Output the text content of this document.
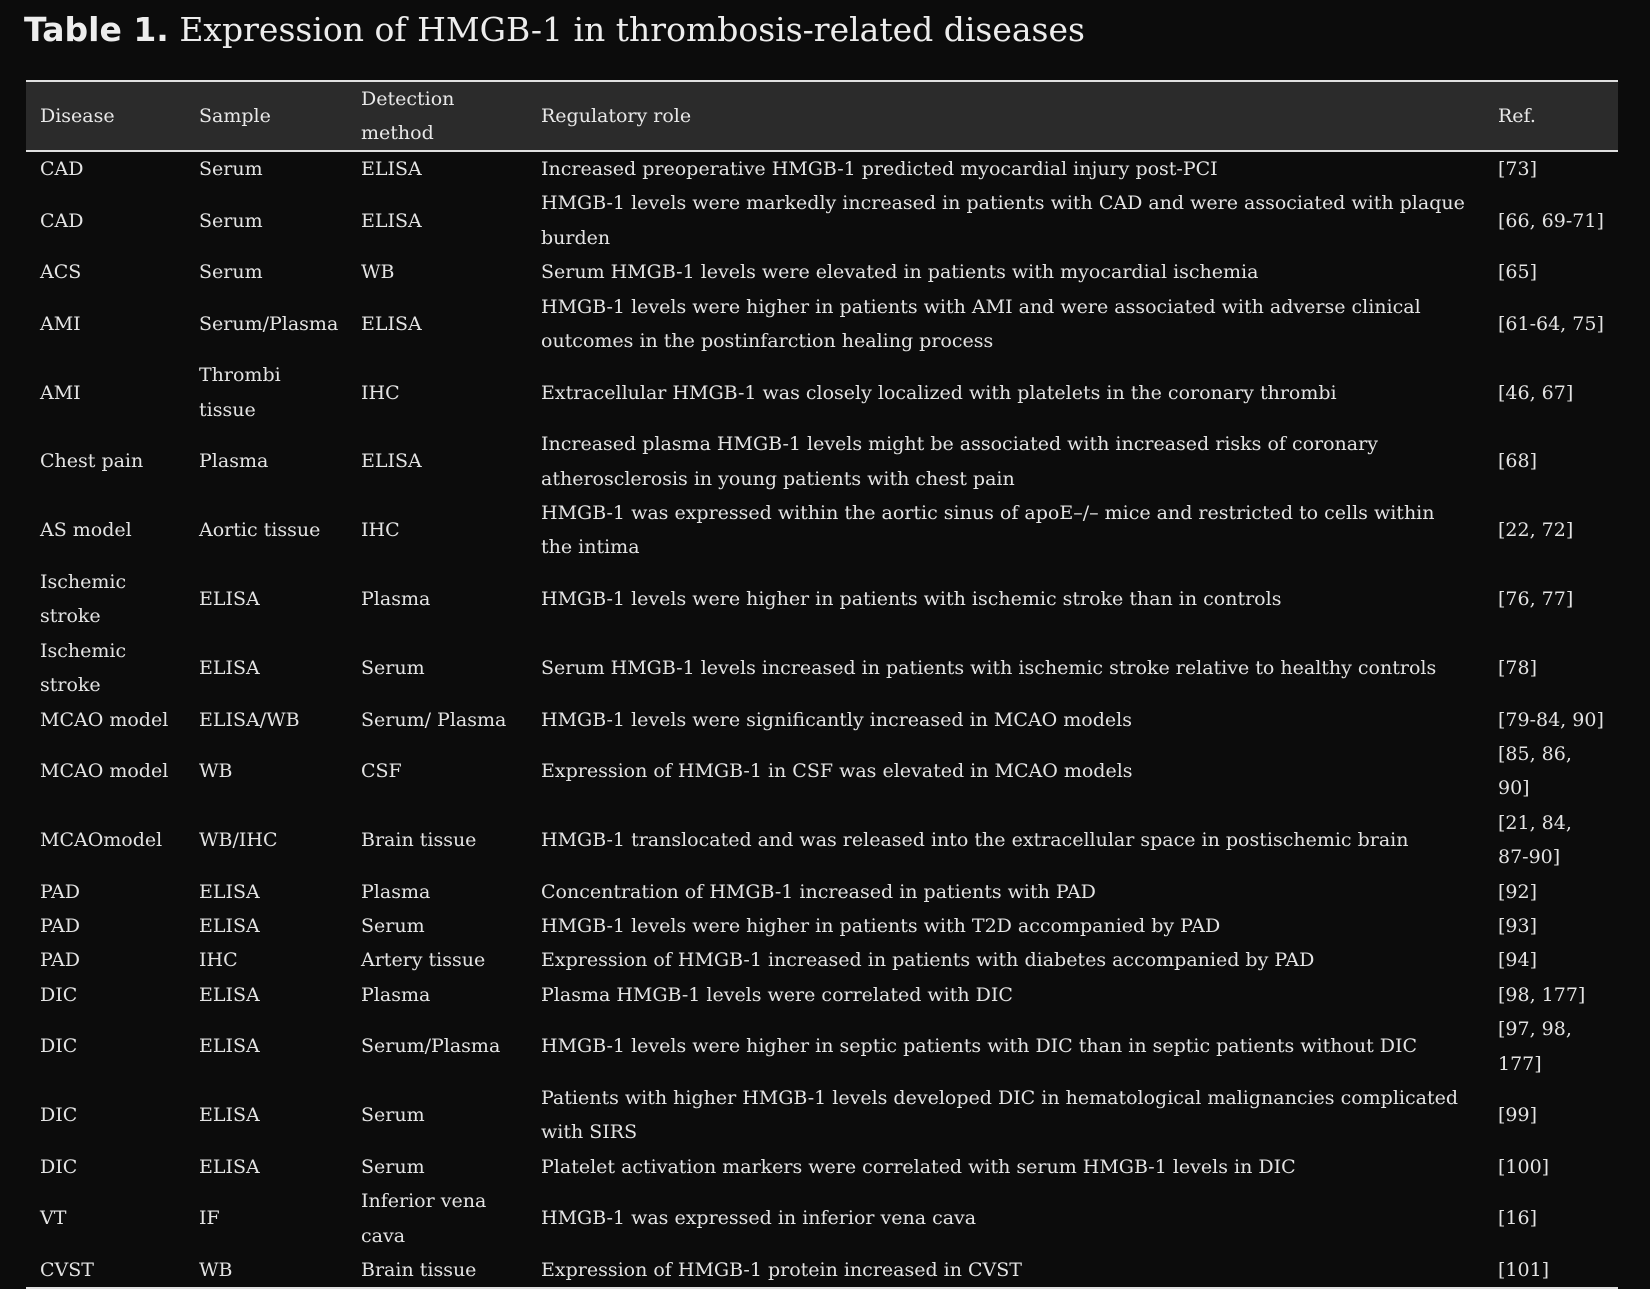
Table 1. Expression of HMGB-1 in thrombosis-related diseases
Disease	Sample	Detection method	Regulatory role	Ref.
CAD	Serum	ELISA	Increased preoperative HMGB-1 predicted myocardial injury post-PCI	[73]
CAD	Serum	ELISA	HMGB-1 levels were markedly increased in patients with CAD and were associated with plaque burden	[66, 69-71]
ACS	Serum	WB	Serum HMGB-1 levels were elevated in patients with myocardial ischemia	[65]
AMI	Serum/Plasma	ELISA	HMGB-1 levels were higher in patients with AMI and were associated with adverse clinical outcomes in the postinfarction healing process	[61-64, 75]
AMI	Thrombi tissue	IHC	Extracellular HMGB-1 was closely localized with platelets in the coronary thrombi	[46, 67]
Chest pain	Plasma	ELISA	Increased plasma HMGB-1 levels might be associated with increased risks of coronary atherosclerosis in young patients with chest pain	[68]
AS model	Aortic tissue	IHC	HMGB-1 was expressed within the aortic sinus of apoE–/– mice and restricted to cells within the intima	[22, 72]
Ischemic stroke	ELISA	Plasma	HMGB-1 levels were higher in patients with ischemic stroke than in controls	[76, 77]
Ischemic stroke	ELISA	Serum	Serum HMGB-1 levels increased in patients with ischemic stroke relative to healthy controls	[78]
MCAO model	ELISA/WB	Serum/ Plasma	HMGB-1 levels were significantly increased in MCAO models	[79-84, 90]
MCAO model	WB	CSF	Expression of HMGB-1 in CSF was elevated in MCAO models	[85, 86, 90]
MCAOmodel	WB/IHC	Brain tissue	HMGB-1 translocated and was released into the extracellular space in postischemic brain	[21, 84, 87-90]
PAD	ELISA	Plasma	Concentration of HMGB-1 increased in patients with PAD	[92]
PAD	ELISA	Serum	HMGB-1 levels were higher in patients with T2D accompanied by PAD	[93]
PAD	IHC	Artery tissue	Expression of HMGB-1 increased in patients with diabetes accompanied by PAD	[94]
DIC	ELISA	Plasma	Plasma HMGB-1 levels were correlated with DIC	[98, 177]
DIC	ELISA	Serum/Plasma	HMGB-1 levels were higher in septic patients with DIC than in septic patients without DIC	[97, 98, 177]
DIC	ELISA	Serum	Patients with higher HMGB-1 levels developed DIC in hematological malignancies complicated with SIRS	[99]
DIC	ELISA	Serum	Platelet activation markers were correlated with serum HMGB-1 levels in DIC	[100]
VT	IF	Inferior vena cava	HMGB-1 was expressed in inferior vena cava	[16]
CVST	WB	Brain tissue	Expression of HMGB-1 protein increased in CVST	[101]
